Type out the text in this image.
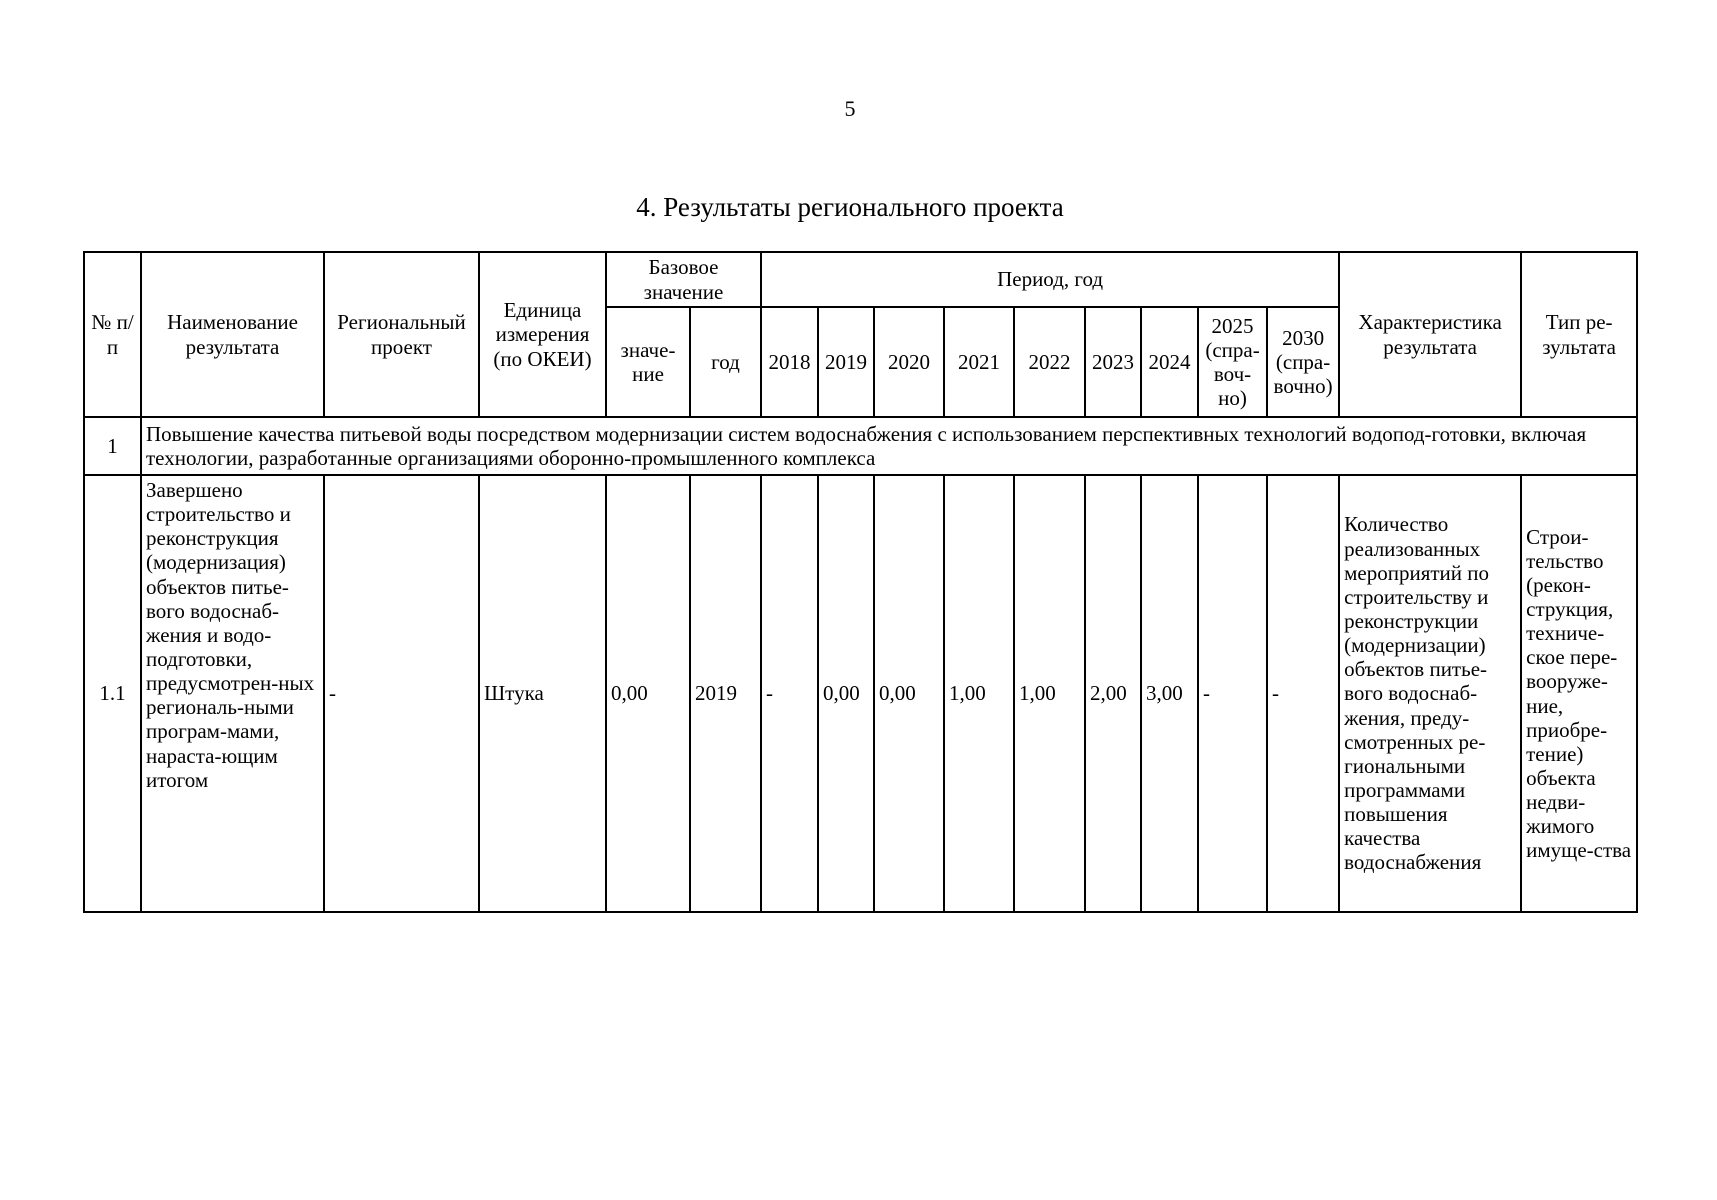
5
4. Результаты регионального проекта
№ п/п	Наименование результата	Региональный проект	Единица измерения (по ОКЕИ)	Базовое значение		Период, год									Характеристика результата	Тип ре-зультата
				значе-ние	год	2018	2019	2020	2021	2022	2023	2024	2025 (спра-воч-но)	2030 (спра-вочно)		
1	Повышение качества питьевой воды посредством модернизации систем водоснабжения с использованием перспективных технологий водопод-готовки, включая технологии, разработанные организациями оборонно-промышленного комплекса															
1.1	Завершено строительство и реконструкция (модернизация) объектов питье-вого водоснаб-жения и водо-подготовки, предусмотрен-ных региональ-ными програм-мами, нараста-ющим итогом	-	Штука	0,00	2019	-	0,00	0,00	1,00	1,00	2,00	3,00	-	-	Количество реализованных мероприятий по строительству и реконструкции (модернизации) объектов питье-вого водоснаб-жения, преду-смотренных ре-гиональными программами повышения качества водоснабжения	Строи-тельство (рекон-струкция, техниче-ское пере-вооруже-ние, приобре-тение) объекта недви-жимого имуще-ства
